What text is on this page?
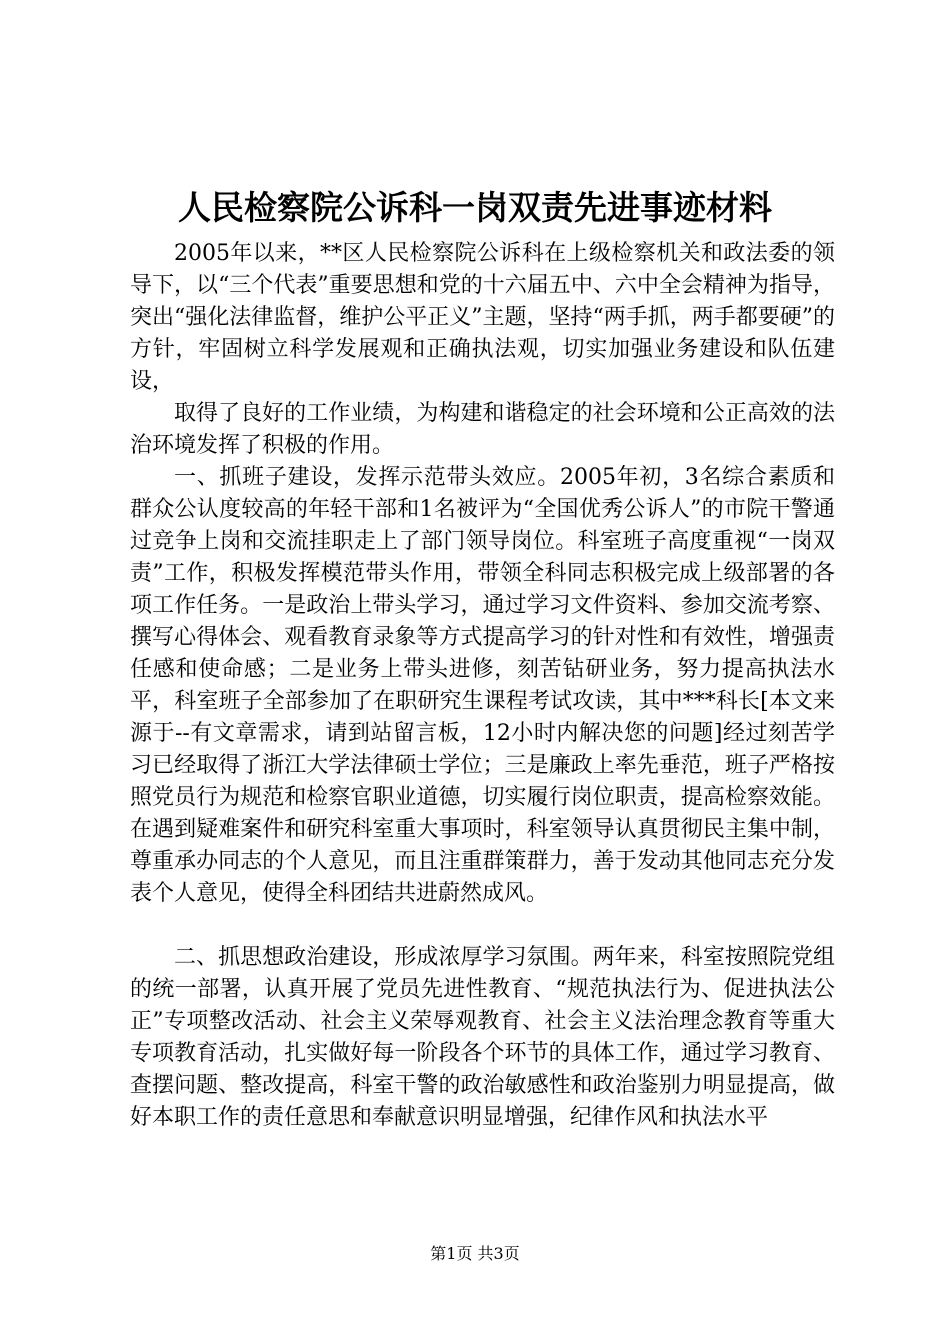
人民检察院公诉科一岗双责先进事迹材料

2005年以来，**区人民检察院公诉科在上级检察机关和政法委的领导下，以“三个代表”重要思想和党的十六届五中、六中全会精神为指导，突出“强化法律监督，维护公平正义”主题，坚持“两手抓，两手都要硬”的方针，牢固树立科学发展观和正确执法观，切实加强业务建设和队伍建设，

取得了良好的工作业绩，为构建和谐稳定的社会环境和公正高效的法治环境发挥了积极的作用。

一、抓班子建设，发挥示范带头效应。2005年初，3名综合素质和群众公认度较高的年轻干部和1名被评为“全国优秀公诉人”的市院干警通过竞争上岗和交流挂职走上了部门领导岗位。科室班子高度重视“一岗双责”工作，积极发挥模范带头作用，带领全科同志积极完成上级部署的各项工作任务。一是政治上带头学习，通过学习文件资料、参加交流考察、撰写心得体会、观看教育录象等方式提高学习的针对性和有效性，增强责任感和使命感；二是业务上带头进修，刻苦钻研业务，努力提高执法水平，科室班子全部参加了在职研究生课程考试攻读，其中***科长[本文来源于--有文章需求，请到站留言板，12小时内解决您的问题]经过刻苦学习已经取得了浙江大学法律硕士学位；三是廉政上率先垂范，班子严格按照党员行为规范和检察官职业道德，切实履行岗位职责，提高检察效能。在遇到疑难案件和研究科室重大事项时，科室领导认真贯彻民主集中制，尊重承办同志的个人意见，而且注重群策群力，善于发动其他同志充分发表个人意见，使得全科团结共进蔚然成风。

二、抓思想政治建设，形成浓厚学习氛围。两年来，科室按照院党组的统一部署，认真开展了党员先进性教育、“规范执法行为、促进执法公正”专项整改活动、社会主义荣辱观教育、社会主义法治理念教育等重大专项教育活动，扎实做好每一阶段各个环节的具体工作，通过学习教育、查摆问题、整改提高，科室干警的政治敏感性和政治鉴别力明显提高，做好本职工作的责任意思和奉献意识明显增强，纪律作风和执法水平

第1页 共3页
